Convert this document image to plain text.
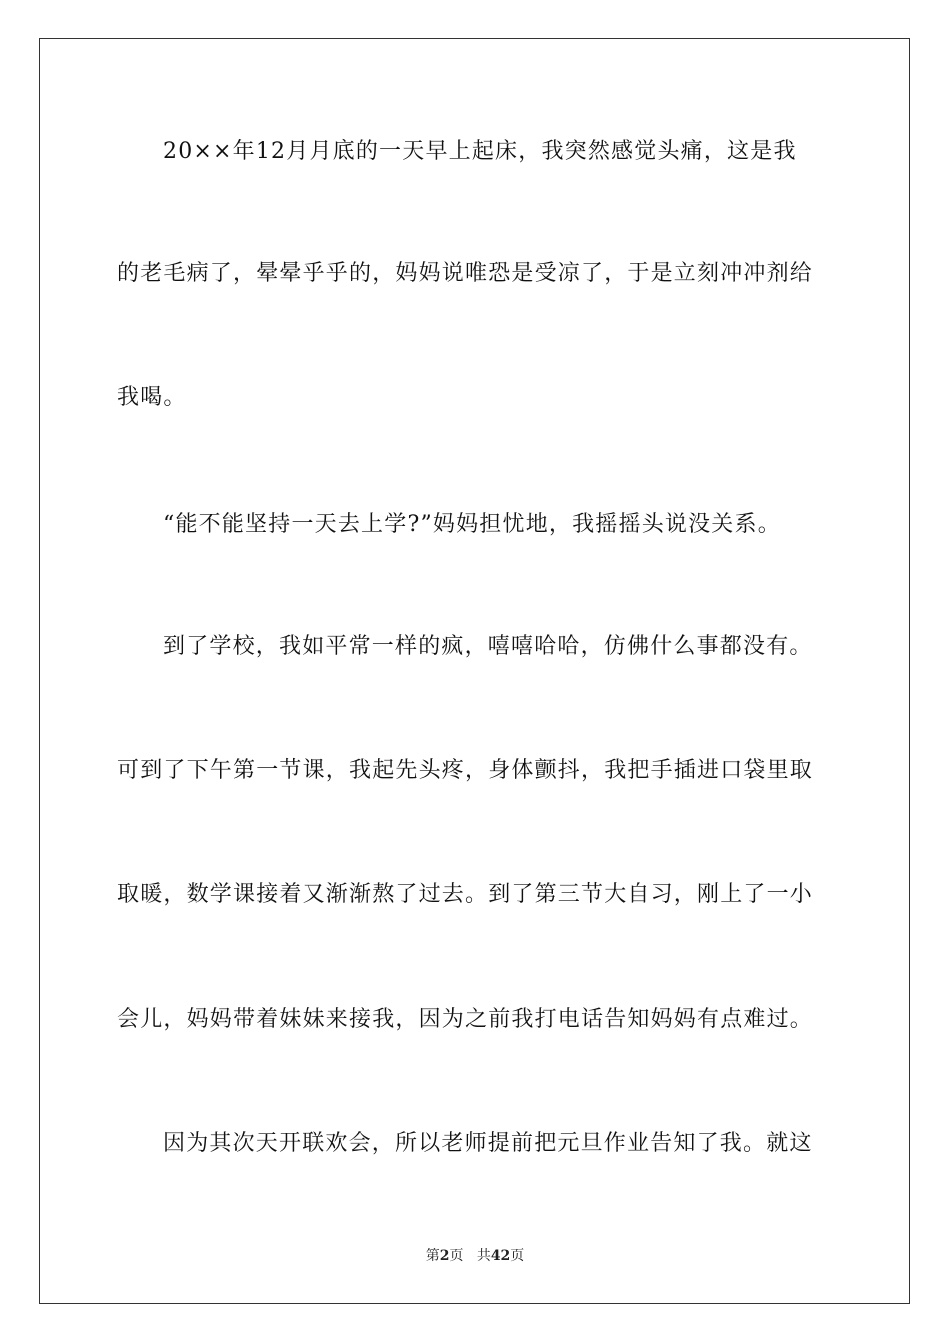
20××年12月月底的一天早上起床，我突然感觉头痛，这是我
的老毛病了，晕晕乎乎的，妈妈说唯恐是受凉了，于是立刻冲冲剂给
我喝。
“能不能坚持一天去上学?”妈妈担忧地，我摇摇头说没关系。
到了学校，我如平常一样的疯，嘻嘻哈哈，仿佛什么事都没有。
可到了下午第一节课，我起先头疼，身体颤抖，我把手插进口袋里取
取暖，数学课接着又渐渐熬了过去。到了第三节大自习，刚上了一小
会儿，妈妈带着妹妹来接我，因为之前我打电话告知妈妈有点难过。
因为其次天开联欢会，所以老师提前把元旦作业告知了我。就这
第2页 共42页
